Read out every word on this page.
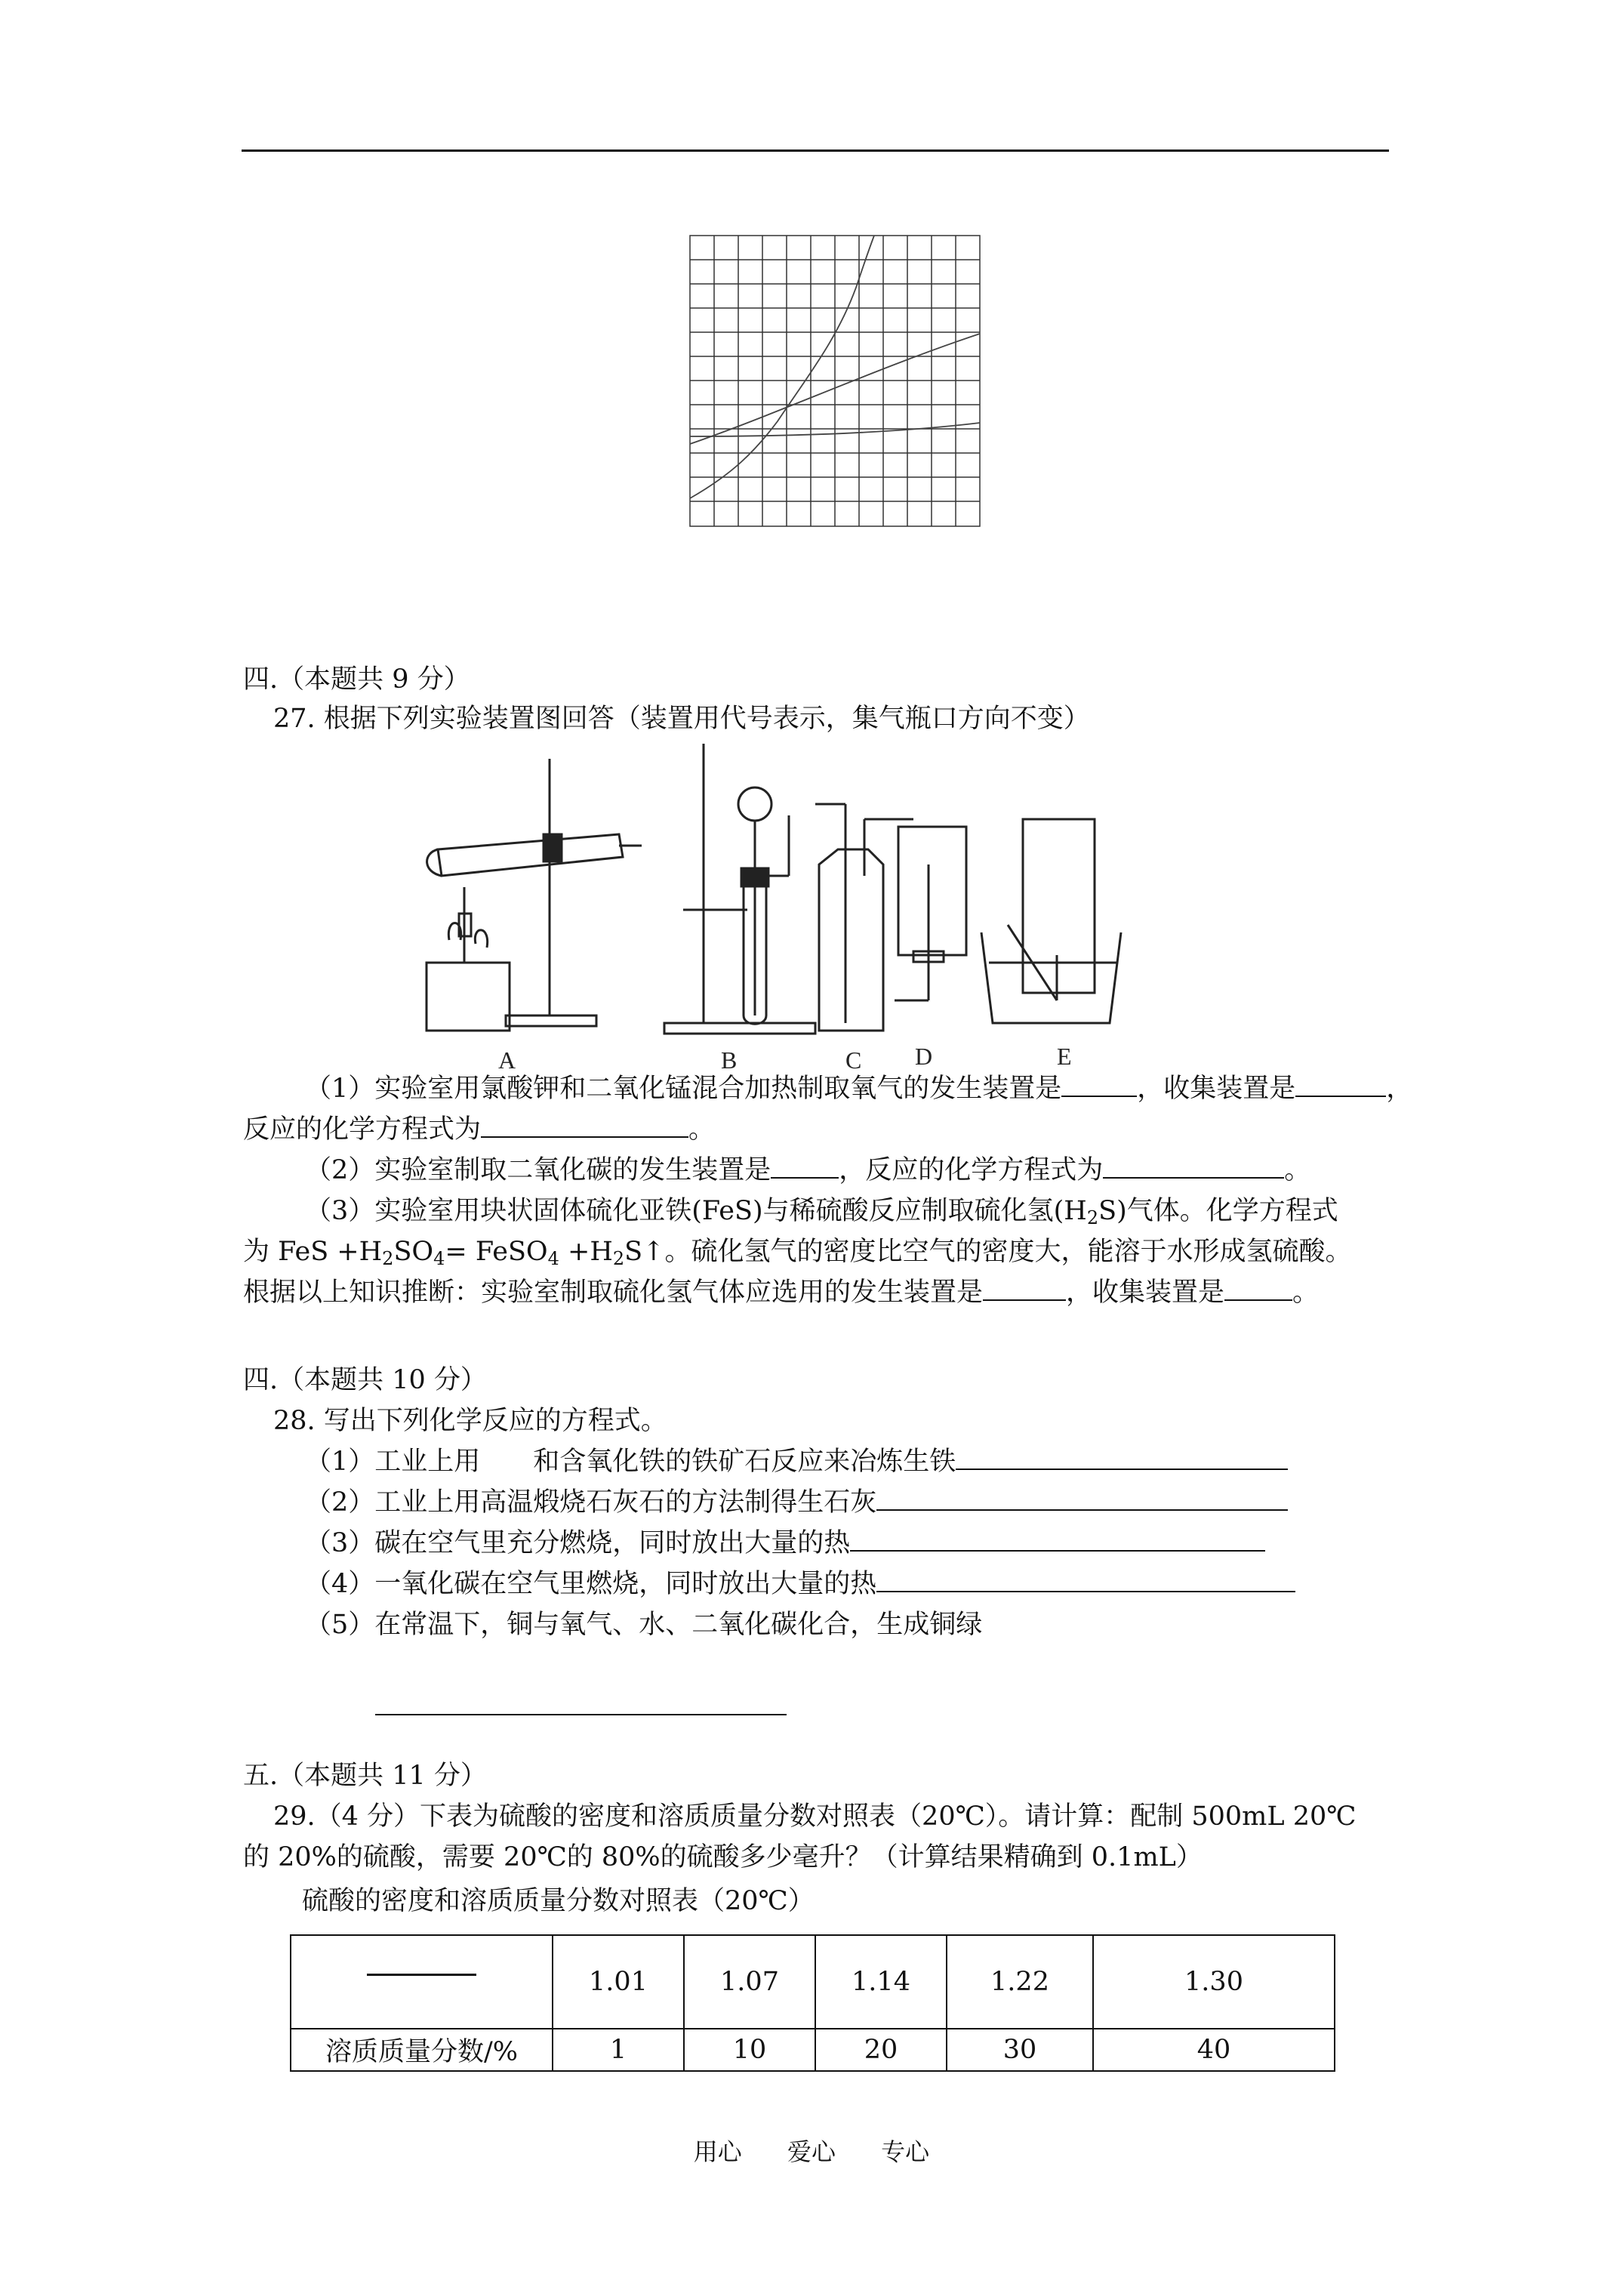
四.（本题共 9 分）
27. 根据下列实验装置图回答（装置用代号表示，集气瓶口方向不变）
A	B	C D	E
（1）实验室用氯酸钾和二氧化锰混合加热制取氧气的发生装置是	，收集装置是	，
反应的化学方程式为	。
（2）实验室制取二氧化碳的发生装置是	，反应的化学方程式为	。
（3）实验室用块状固体硫化亚铁(FeS)与稀硫酸反应制取硫化氢$(H_2S)$气体。化学方程式
为 FeS $+H_2SO_4=$ FeSO$_4$ $+H_2S↑$。硫化氢气的密度比空气的密度大，能溶于水形成氢硫酸。
根据以上知识推断：实验室制取硫化氢气体应选用的发生装置是	，收集装置是	。
四.（本题共 10 分）
28. 写出下列化学反应的方程式。
（1）工业上用　　和含氧化铁的铁矿石反应来冶炼生铁
（2）工业上用高温煅烧石灰石的方法制得生石灰
（3）碳在空气里充分燃烧，同时放出大量的热
（4）一氧化碳在空气里燃烧，同时放出大量的热
（5）在常温下，铜与氧气、水、二氧化碳化合，生成铜绿
五.（本题共 11 分）
29.（4 分）下表为硫酸的密度和溶质质量分数对照表（20℃）。请计算：配制 500mL 20℃
的 20%的硫酸，需要 20℃的 80%的硫酸多少毫升？（计算结果精确到 0.1mL）
硫酸的密度和溶质质量分数对照表（20℃）
	1.01	1.07	1.14	1.22	1.30
溶质质量分数/%	1	10	20	30	40
用心 爱心 专心
